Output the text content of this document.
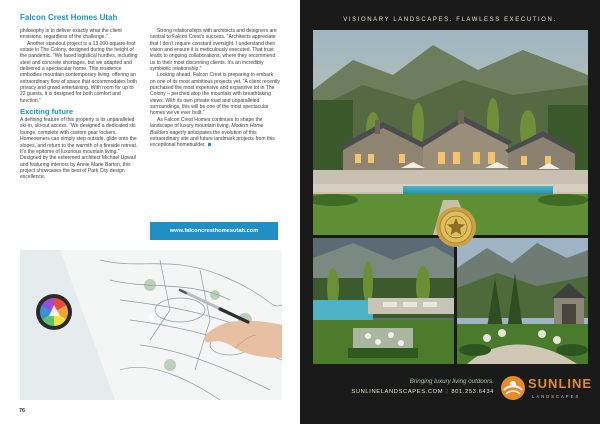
Falcon Crest Homes Utah

philosophy is to deliver exactly what the client envisions, regardless of the challenge.”

Another standout project is a 13,000-square-foot estate in The Colony, designed during the height of the pandemic. “We faced logistical hurdles, including steel and concrete shortages, but we adapted and delivered a spectacular home. This residence embodies mountain contemporary living, offering an extraordinary flow of space that accommodates both privacy and grand entertaining. With room for up to 22 guests, it is designed for both comfort and function.”

Exciting future

A defining feature of this property is its unparalleled ski-in, ski-out access. “We designed a dedicated ski lounge, complete with custom gear lockers. Homeowners can simply step outside, glide onto the slopes, and return to the warmth of a fireside retreat. It’s the epitome of luxurious mountain living.” Designed by the esteemed architect Michael Upwall and featuring interiors by Annie Marie Barton, this project showcases the best of Park City design excellence.

Strong relationships with architects and designers are central to Falcon Crest’s success. “Architects appreciate that I don’t require constant oversight. I understand their vision and ensure it is meticulously executed. That trust leads to ongoing collaborations, where they recommend us to their most discerning clients. It’s an incredibly symbiotic relationship.”

Looking ahead, Falcon Crest is preparing to embark on one of its most ambitious projects yet. “A client recently purchased the most expensive and expansive lot in The Colony – perched atop the mountain with breathtaking views. With its own private road and unparalleled surroundings, this will be one of the most spectacular homes we’ve ever built.”

As Falcon Crest Homes continues to shape the landscape of luxury mountain living, Modern Home Builders eagerly anticipates the evolution of this extraordinary site and future landmark projects from this exceptional homebuilder.

www.falconcresthomesutah.com
76
VISIONARY LANDSCAPES. FLAWLESS EXECUTION.
Bringing luxury living outdoors.
SUNLINELANDSCAPES.COM | 801.253.6434
SUNLINE
LANDSCAPES
